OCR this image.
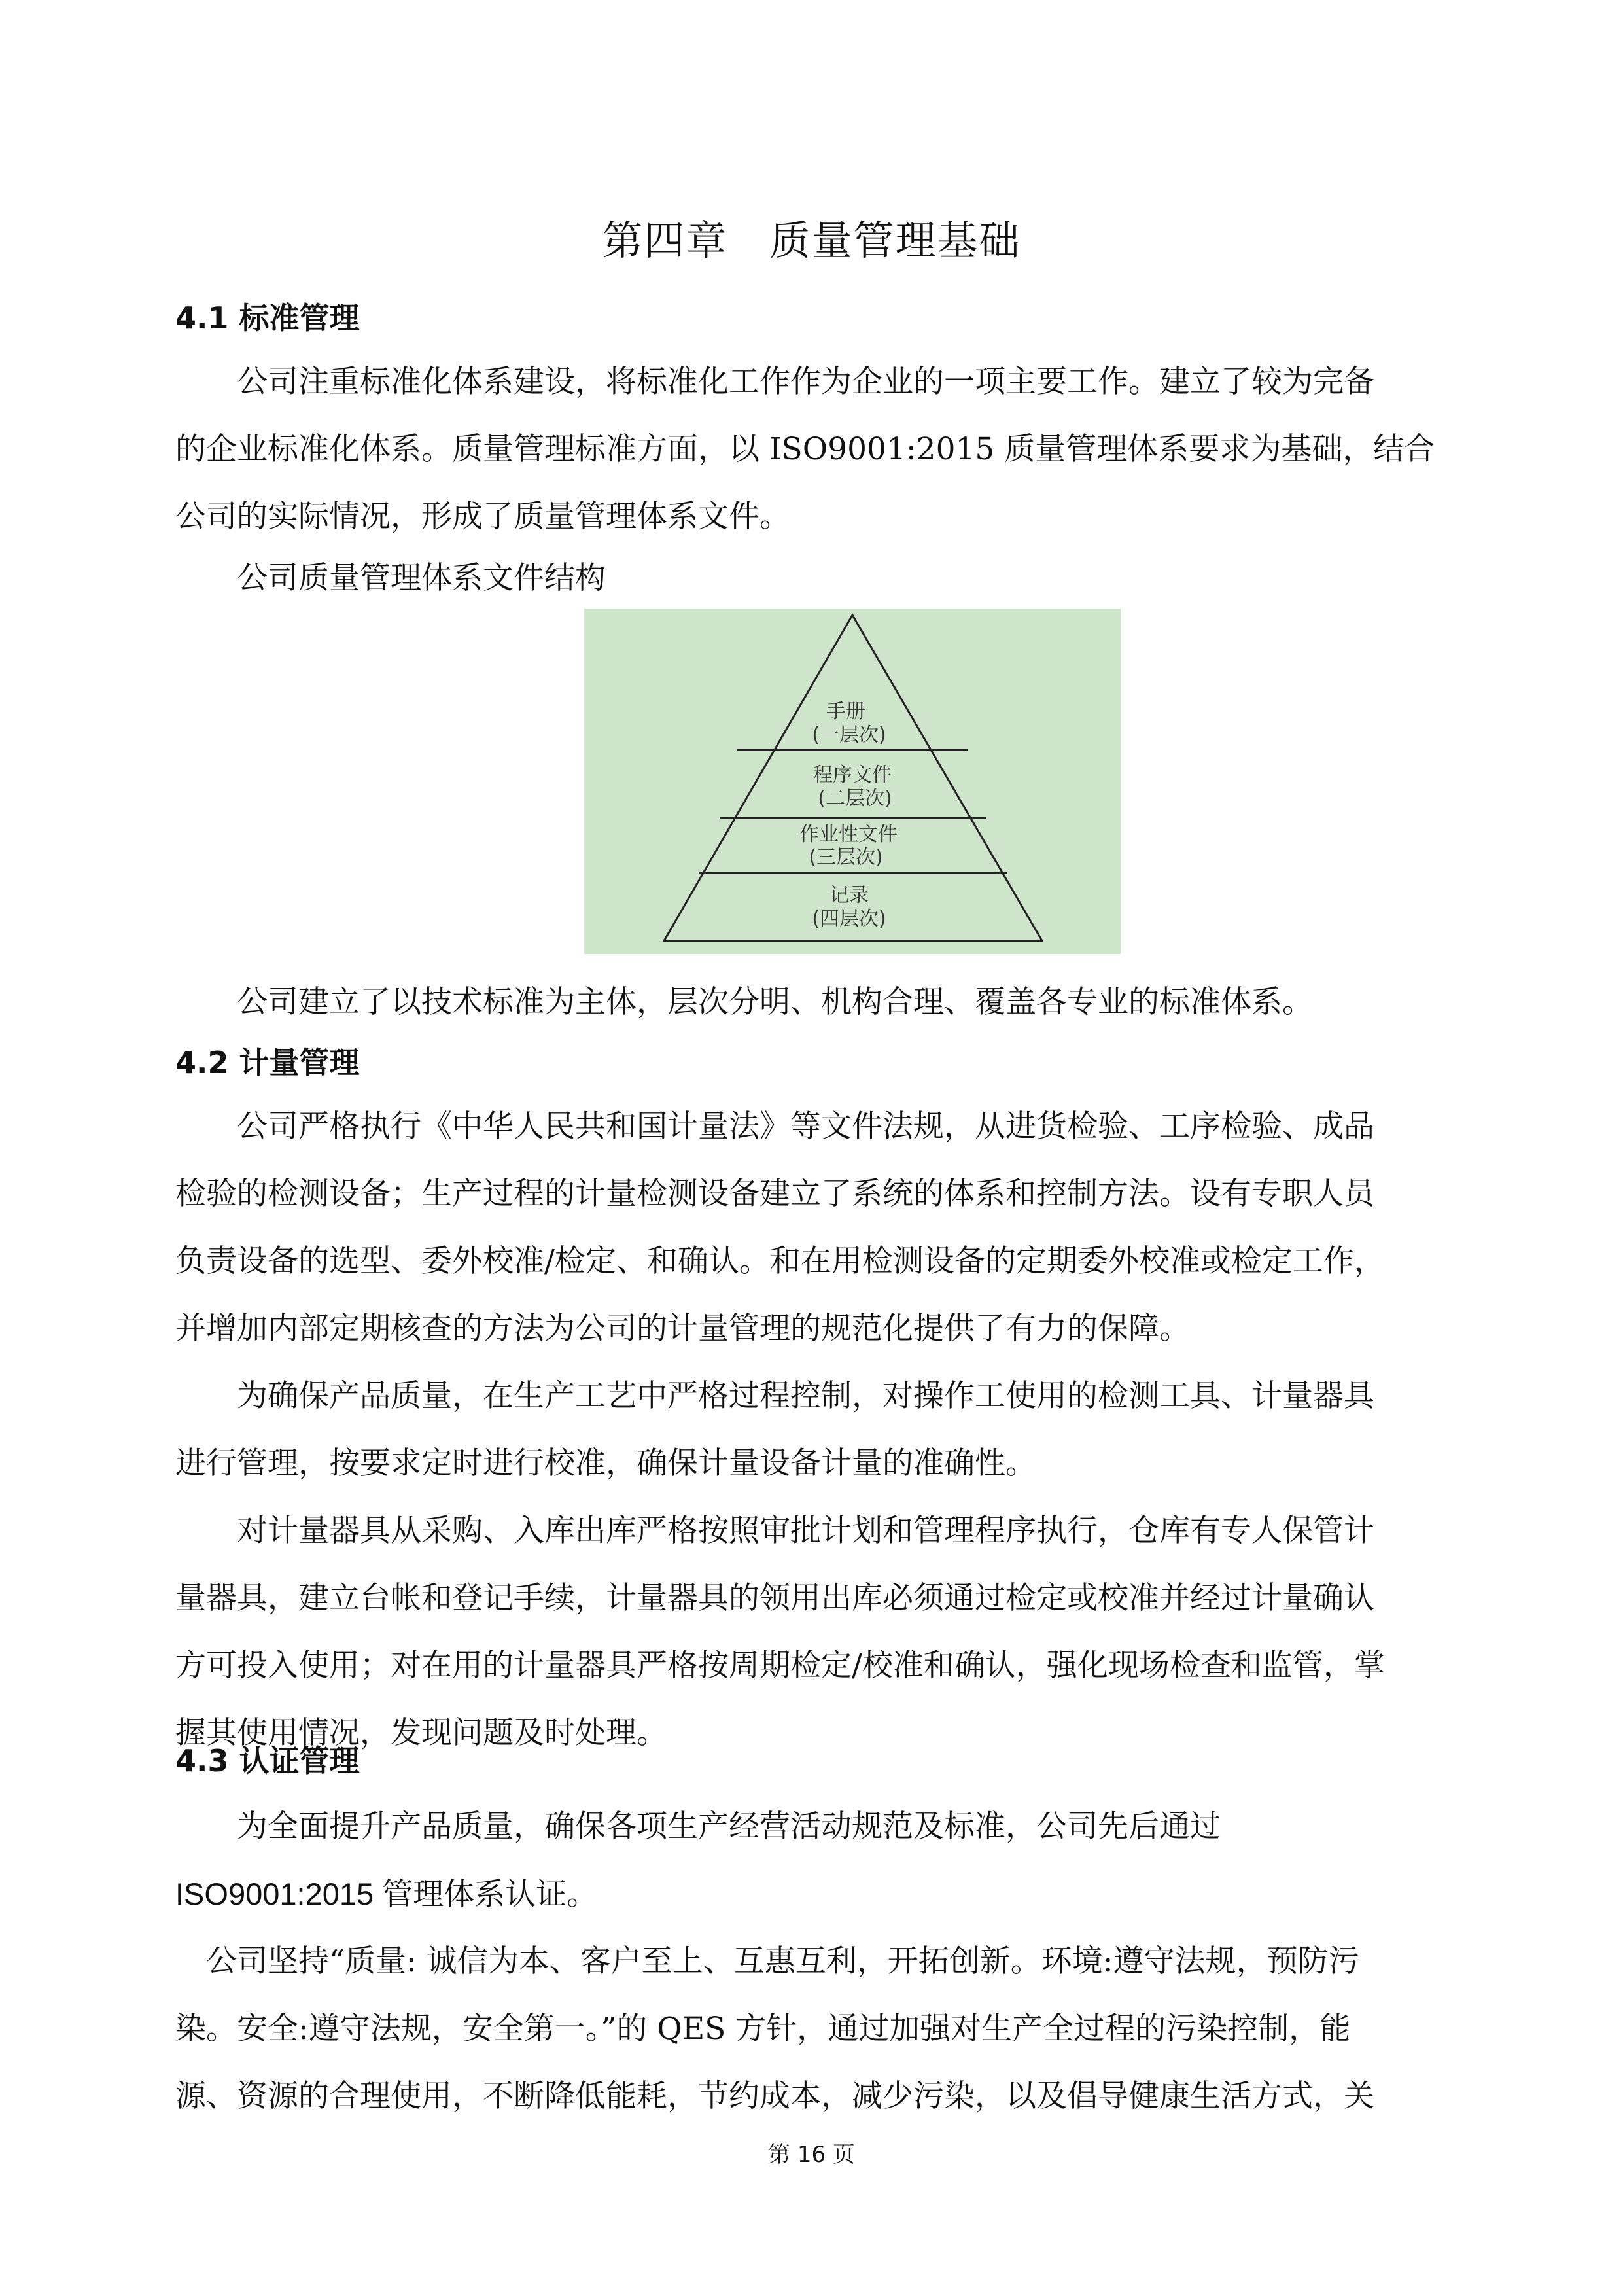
第四章　质量管理基础

4.1 标准管理

公司注重标准化体系建设，将标准化工作作为企业的一项主要工作。建立了较为完备
的企业标准化体系。质量管理标准方面，以 ISO9001:2015 质量管理体系要求为基础，结合
公司的实际情况，形成了质量管理体系文件。

公司质量管理体系文件结构

手册
(一层次)
程序文件
(二层次)
作业性文件
(三层次)
记录
(四层次)

公司建立了以技术标准为主体，层次分明、机构合理、覆盖各专业的标准体系。

4.2 计量管理

公司严格执行《中华人民共和国计量法》等文件法规，从进货检验、工序检验、成品
检验的检测设备；生产过程的计量检测设备建立了系统的体系和控制方法。设有专职人员
负责设备的选型、委外校准/检定、和确认。和在用检测设备的定期委外校准或检定工作，
并增加内部定期核查的方法为公司的计量管理的规范化提供了有力的保障。
为确保产品质量，在生产工艺中严格过程控制，对操作工使用的检测工具、计量器具
进行管理，按要求定时进行校准，确保计量设备计量的准确性。
对计量器具从采购、入库出库严格按照审批计划和管理程序执行，仓库有专人保管计
量器具，建立台帐和登记手续，计量器具的领用出库必须通过检定或校准并经过计量确认
方可投入使用；对在用的计量器具严格按周期检定/校准和确认，强化现场检查和监管，掌
握其使用情况，发现问题及时处理。

4.3 认证管理

为全面提升产品质量，确保各项生产经营活动规范及标准，公司先后通过
ISO9001:2015 管理体系认证。
公司坚持“质量: 诚信为本、客户至上、互惠互利，开拓创新。环境:遵守法规，预防污
染。安全:遵守法规，安全第一。”的 QES 方针，通过加强对生产全过程的污染控制，能
源、资源的合理使用，不断降低能耗，节约成本，减少污染，以及倡导健康生活方式，关

第 16 页
